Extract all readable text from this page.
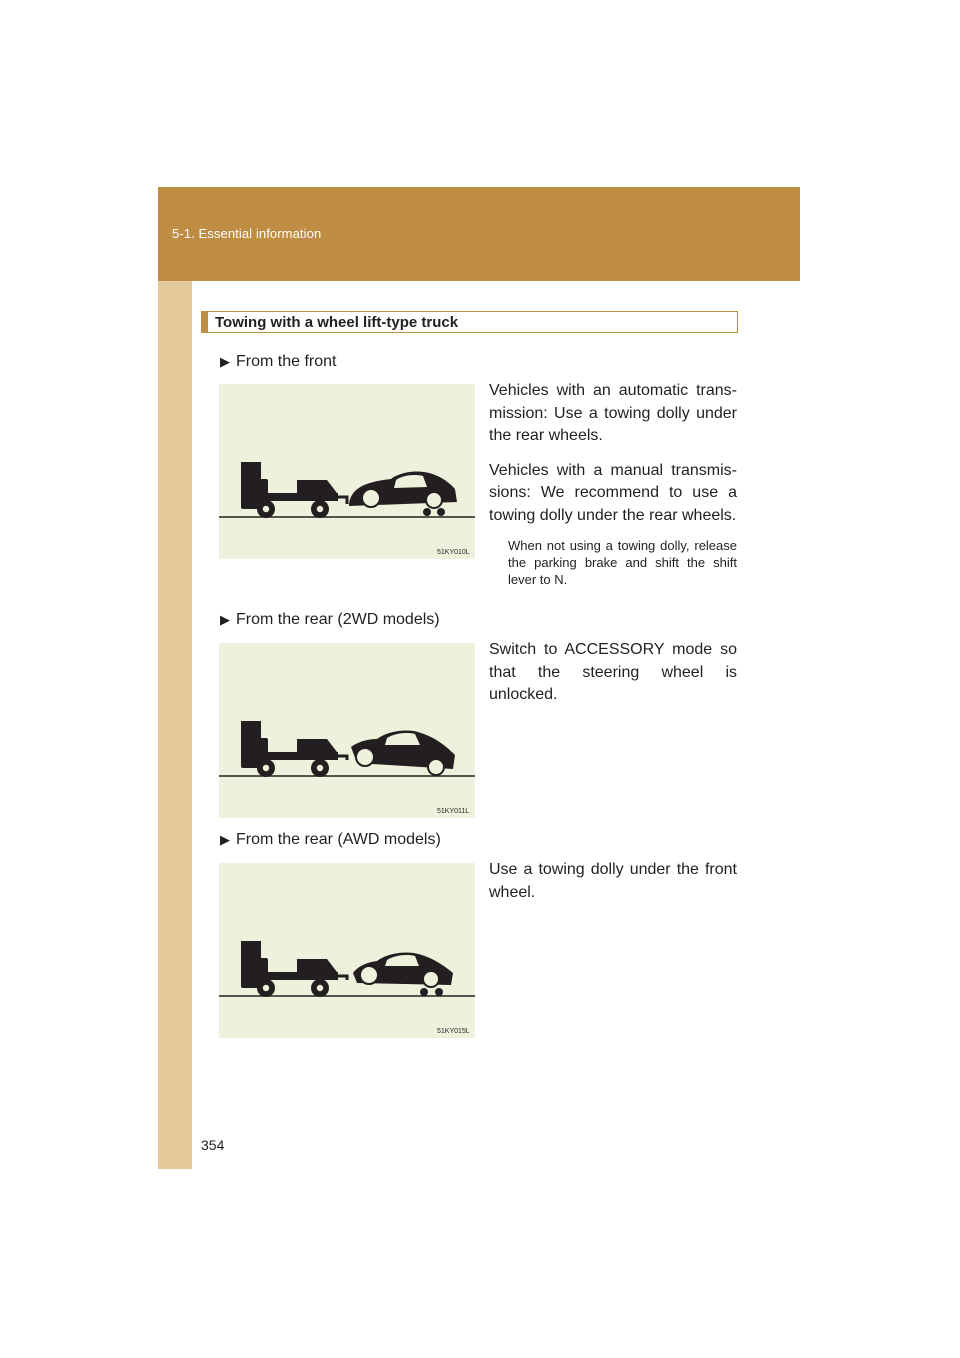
5-1. Essential information
354
Towing with a wheel lift-type truck
▶ From the front
51KY010L

Vehicles with an automatic trans-mission: Use a towing dolly under the rear wheels.

Vehicles with a manual transmis-sions: We recommend to use a towing dolly under the rear wheels.

When not using a towing dolly, release the parking brake and shift the shift lever to N.
▶ From the rear (2WD models)
51KY011L

Switch to ACCESSORY mode so that the steering wheel is unlocked.

▶ From the rear (AWD models)
51KY015L

Use a towing dolly under the front wheel.
